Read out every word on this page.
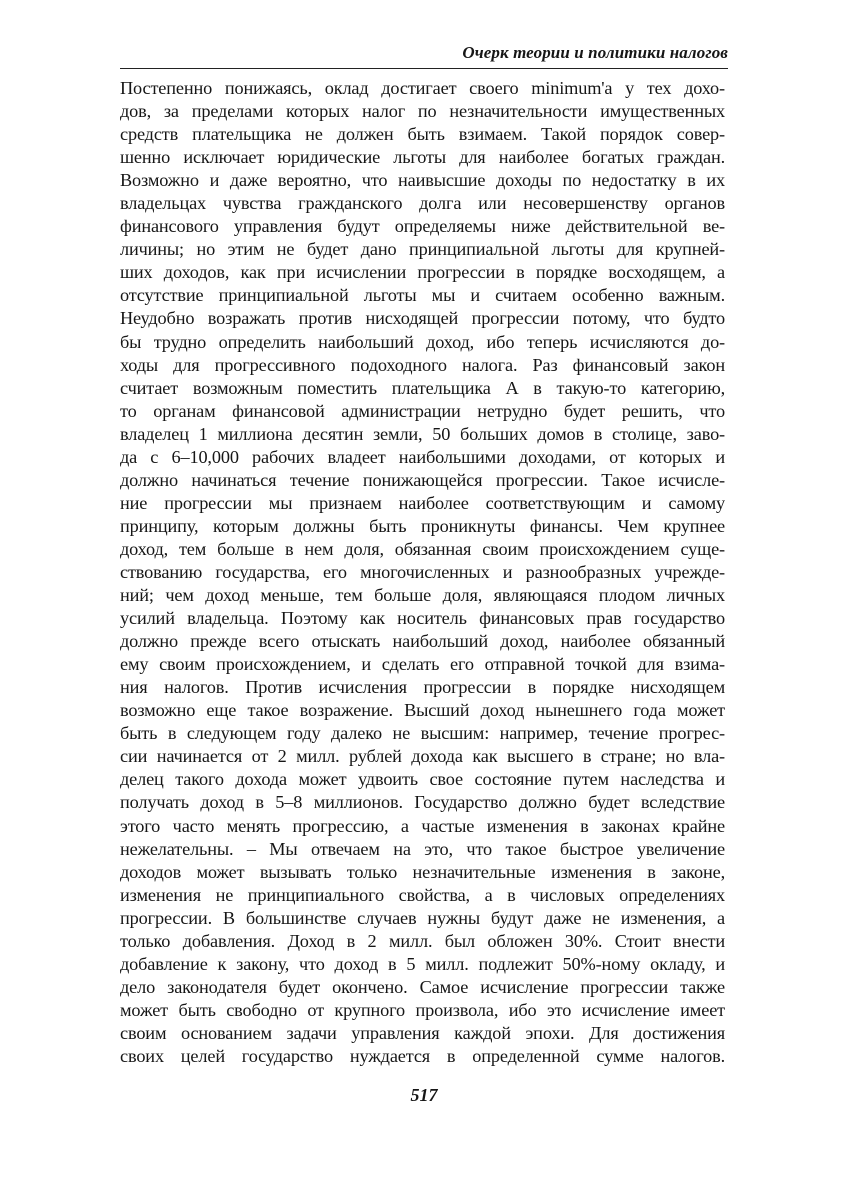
Очерк теории и политики налогов
Постепенно понижаясь, оклад достигает своего minimum'а у тех дохо-
дов, за пределами которых налог по незначительности имущественных
средств плательщика не должен быть взимаем. Такой порядок совер-
шенно исключает юридические льготы для наиболее богатых граждан.
Возможно и даже вероятно, что наивысшие доходы по недостатку в их
владельцах чувства гражданского долга или несовершенству органов
финансового управления будут определяемы ниже действительной ве-
личины; но этим не будет дано принципиальной льготы для крупней-
ших доходов, как при исчислении прогрессии в порядке восходящем, а
отсутствие принципиальной льготы мы и считаем особенно важным.
Неудобно возражать против нисходящей прогрессии потому, что будто
бы трудно определить наибольший доход, ибо теперь исчисляются до-
ходы для прогрессивного подоходного налога. Раз финансовый закон
считает возможным поместить плательщика А в такую-то категорию,
то органам финансовой администрации нетрудно будет решить, что
владелец 1 миллиона десятин земли, 50 больших домов в столице, заво-
да с 6–10,000 рабочих владеет наибольшими доходами, от которых и
должно начинаться течение понижающейся прогрессии. Такое исчисле-
ние прогрессии мы признаем наиболее соответствующим и самому
принципу, которым должны быть проникнуты финансы. Чем крупнее
доход, тем больше в нем доля, обязанная своим происхождением суще-
ствованию государства, его многочисленных и разнообразных учрежде-
ний; чем доход меньше, тем больше доля, являющаяся плодом личных
усилий владельца. Поэтому как носитель финансовых прав государство
должно прежде всего отыскать наибольший доход, наиболее обязанный
ему своим происхождением, и сделать его отправной точкой для взима-
ния налогов. Против исчисления прогрессии в порядке нисходящем
возможно еще такое возражение. Высший доход нынешнего года может
быть в следующем году далеко не высшим: например, течение прогрес-
сии начинается от 2 милл. рублей дохода как высшего в стране; но вла-
делец такого дохода может удвоить свое состояние путем наследства и
получать доход в 5–8 миллионов. Государство должно будет вследствие
этого часто менять прогрессию, а частые изменения в законах крайне
нежелательны. – Мы отвечаем на это, что такое быстрое увеличение
доходов может вызывать только незначительные изменения в законе,
изменения не принципиального свойства, а в числовых определениях
прогрессии. В большинстве случаев нужны будут даже не изменения, а
только добавления. Доход в 2 милл. был обложен 30%. Стоит внести
добавление к закону, что доход в 5 милл. подлежит 50%-ному окладу, и
дело законодателя будет окончено. Самое исчисление прогрессии также
может быть свободно от крупного произвола, ибо это исчисление имеет
своим основанием задачи управления каждой эпохи. Для достижения
своих целей государство нуждается в определенной сумме налогов.
517
